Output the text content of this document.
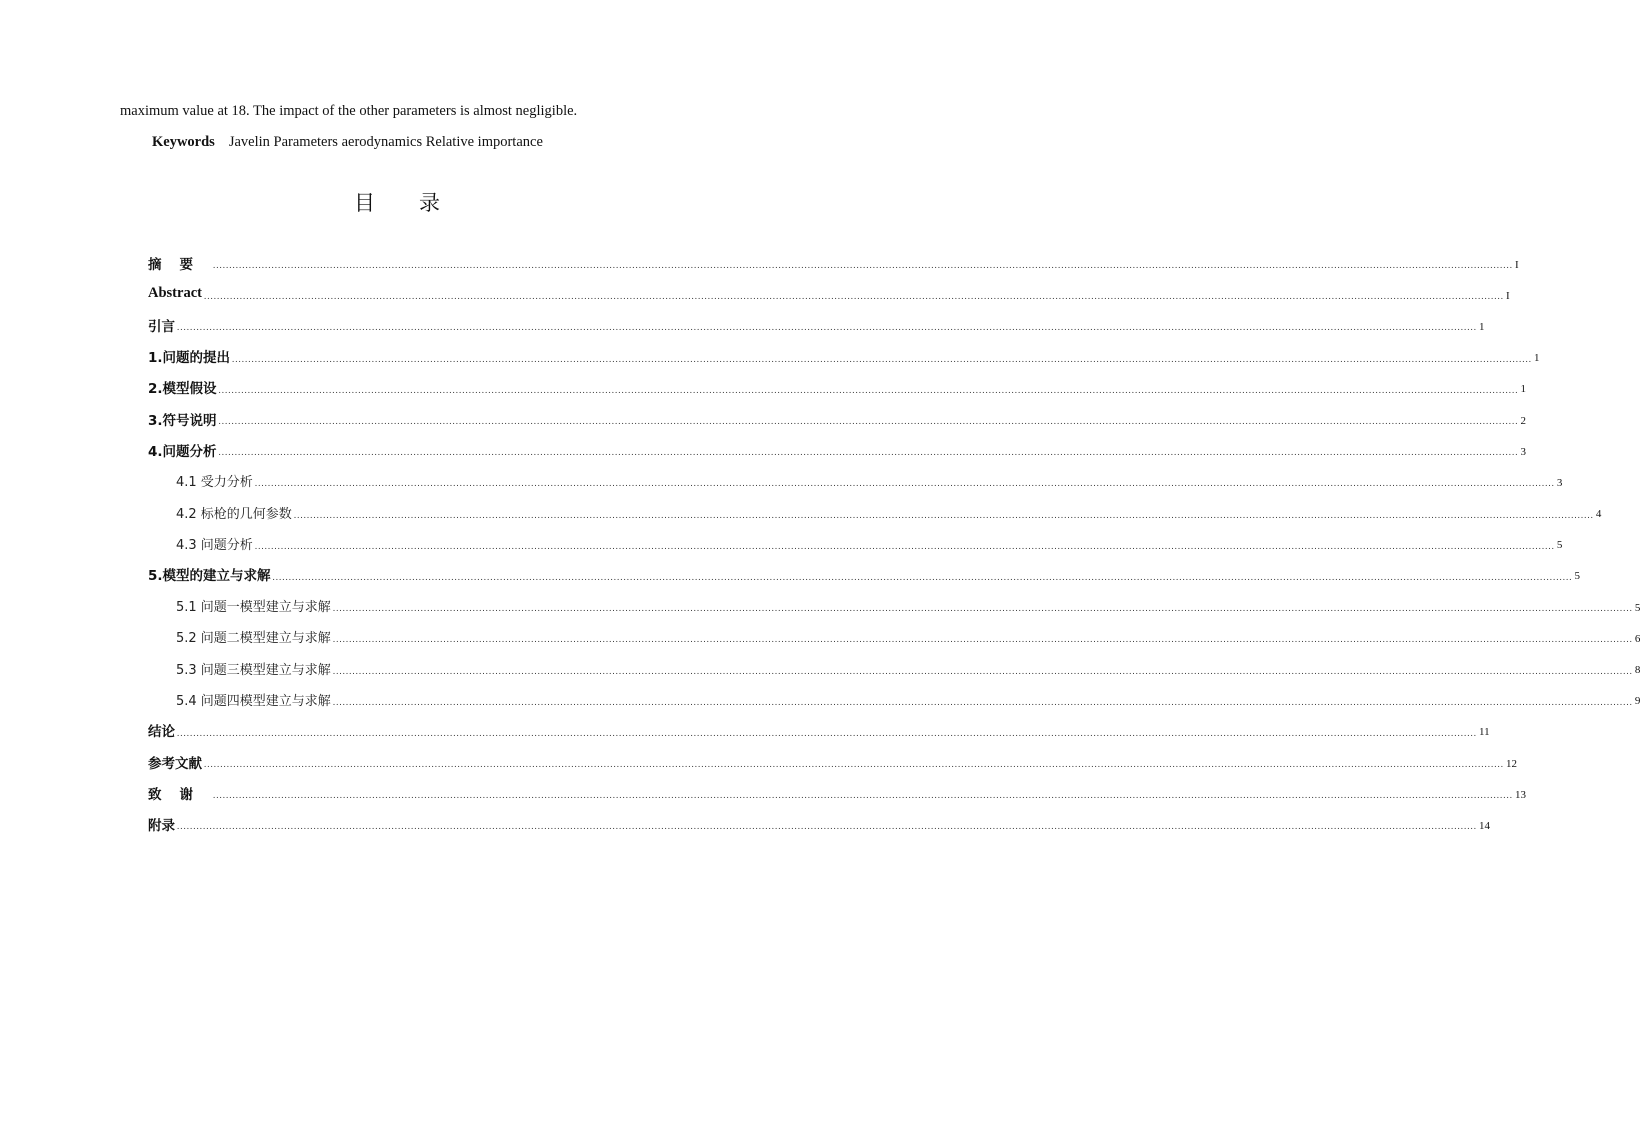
maximum value at 18. The impact of the other parameters is almost negligible.
Keywords Javelin Parameters aerodynamics Relative importance
目录
摘要 ................................................................................................................................................................................................................................................................................................................................................................................................................ I
Abstract ................................................................................................................................................................................................................................................................................................................................................................................................................ I
引言 ................................................................................................................................................................................................................................................................................................................................................................................................................ 1
1.问题的提出 ................................................................................................................................................................................................................................................................................................................................................................................................................ 1
2.模型假设 ................................................................................................................................................................................................................................................................................................................................................................................................................ 1
3.符号说明 ................................................................................................................................................................................................................................................................................................................................................................................................................ 2
4.问题分析 ................................................................................................................................................................................................................................................................................................................................................................................................................ 3
4.1 受力分析 ................................................................................................................................................................................................................................................................................................................................................................................................................ 3
4.2 标枪的几何参数 ................................................................................................................................................................................................................................................................................................................................................................................................................ 4
4.3 问题分析 ................................................................................................................................................................................................................................................................................................................................................................................................................ 5
5.模型的建立与求解 ................................................................................................................................................................................................................................................................................................................................................................................................................ 5
5.1 问题一模型建立与求解 ................................................................................................................................................................................................................................................................................................................................................................................................................ 5
5.2 问题二模型建立与求解 ................................................................................................................................................................................................................................................................................................................................................................................................................ 6
5.3 问题三模型建立与求解 ................................................................................................................................................................................................................................................................................................................................................................................................................ 8
5.4 问题四模型建立与求解 ................................................................................................................................................................................................................................................................................................................................................................................................................ 9
结论 ................................................................................................................................................................................................................................................................................................................................................................................................................ 11
参考文献 ................................................................................................................................................................................................................................................................................................................................................................................................................ 12
致谢 ................................................................................................................................................................................................................................................................................................................................................................................................................ 13
附录 ................................................................................................................................................................................................................................................................................................................................................................................................................ 14
